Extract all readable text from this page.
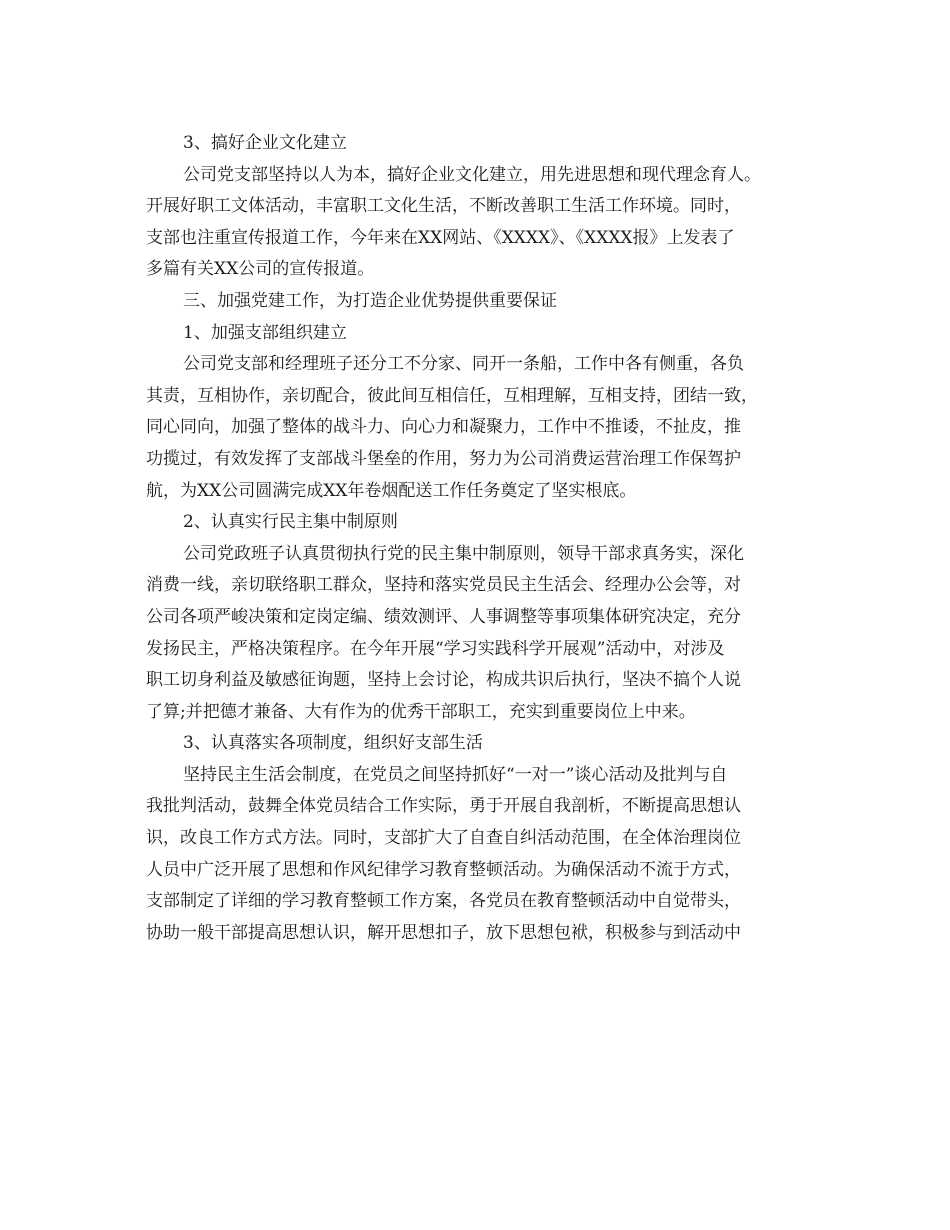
3、搞好企业文化建立
公司党支部坚持以人为本，搞好企业文化建立，用先进思想和现代理念育人。
开展好职工文体活动，丰富职工文化生活，不断改善职工生活工作环境。同时，
支部也注重宣传报道工作，今年来在XX网站、《XXXX》、《XXXX报》上发表了
多篇有关XX公司的宣传报道。
三、加强党建工作，为打造企业优势提供重要保证
1、加强支部组织建立
公司党支部和经理班子还分工不分家、同开一条船，工作中各有侧重，各负
其责，互相协作，亲切配合，彼此间互相信任，互相理解，互相支持，团结一致，
同心同向，加强了整体的战斗力、向心力和凝聚力，工作中不推诿，不扯皮，推
功揽过，有效发挥了支部战斗堡垒的作用，努力为公司消费运营治理工作保驾护
航，为XX公司圆满完成XX年卷烟配送工作任务奠定了坚实根底。
2、认真实行民主集中制原则
公司党政班子认真贯彻执行党的民主集中制原则，领导干部求真务实，深化
消费一线，亲切联络职工群众，坚持和落实党员民主生活会、经理办公会等，对
公司各项严峻决策和定岗定编、绩效测评、人事调整等事项集体研究决定，充分
发扬民主，严格决策程序。在今年开展“学习实践科学开展观”活动中，对涉及
职工切身利益及敏感征询题，坚持上会讨论，构成共识后执行，坚决不搞个人说
了算;并把德才兼备、大有作为的优秀干部职工，充实到重要岗位上中来。
3、认真落实各项制度，组织好支部生活
坚持民主生活会制度，在党员之间坚持抓好“一对一”谈心活动及批判与自
我批判活动，鼓舞全体党员结合工作实际，勇于开展自我剖析，不断提高思想认
识，改良工作方式方法。同时，支部扩大了自查自纠活动范围，在全体治理岗位
人员中广泛开展了思想和作风纪律学习教育整顿活动。为确保活动不流于方式，
支部制定了详细的学习教育整顿工作方案，各党员在教育整顿活动中自觉带头，
协助一般干部提高思想认识，解开思想扣子，放下思想包袱，积极参与到活动中
